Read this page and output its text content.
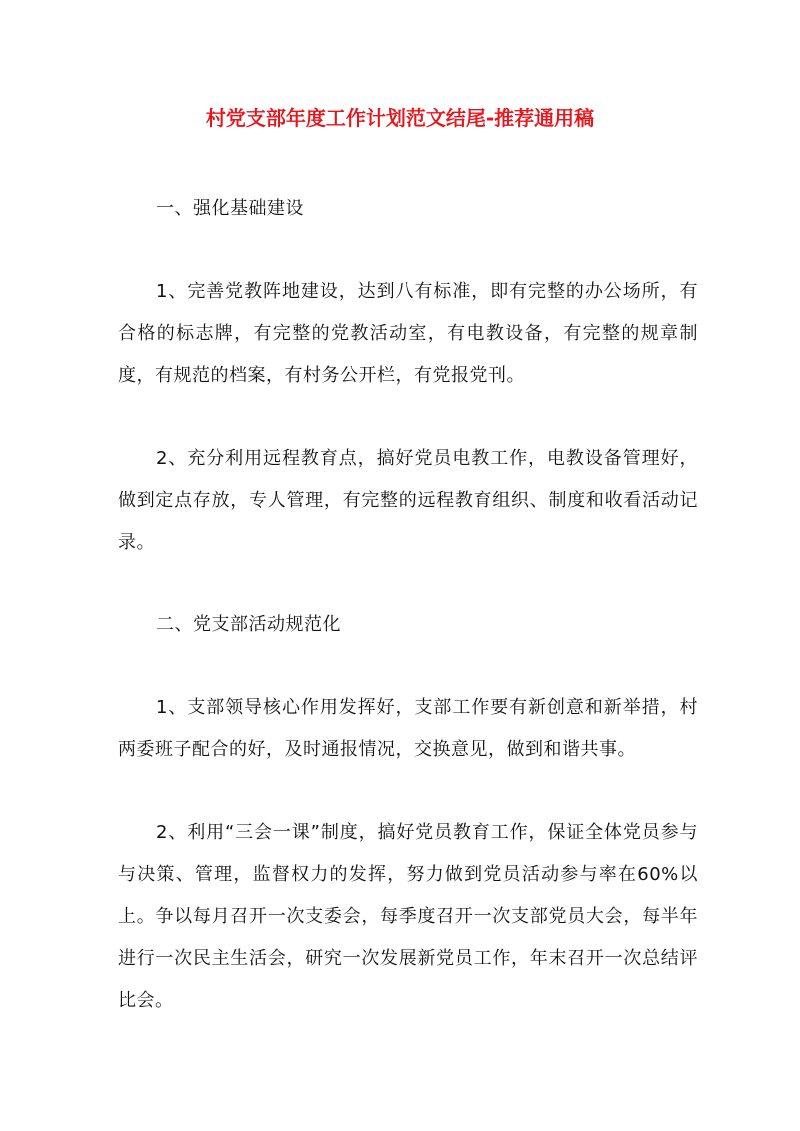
村党支部年度工作计划范文结尾-推荐通用稿

一、强化基础建设

1、完善党教阵地建设，达到八有标准，即有完整的办公场所，有合格的标志牌，有完整的党教活动室，有电教设备，有完整的规章制度，有规范的档案，有村务公开栏，有党报党刊。

2、充分利用远程教育点，搞好党员电教工作，电教设备管理好，做到定点存放，专人管理，有完整的远程教育组织、制度和收看活动记录。

二、党支部活动规范化

1、支部领导核心作用发挥好，支部工作要有新创意和新举措，村两委班子配合的好，及时通报情况，交换意见，做到和谐共事。

2、利用“三会一课”制度，搞好党员教育工作，保证全体党员参与与决策、管理，监督权力的发挥，努力做到党员活动参与率在60%以上。争以每月召开一次支委会，每季度召开一次支部党员大会，每半年进行一次民主生活会，研究一次发展新党员工作，年末召开一次总结评比会。
